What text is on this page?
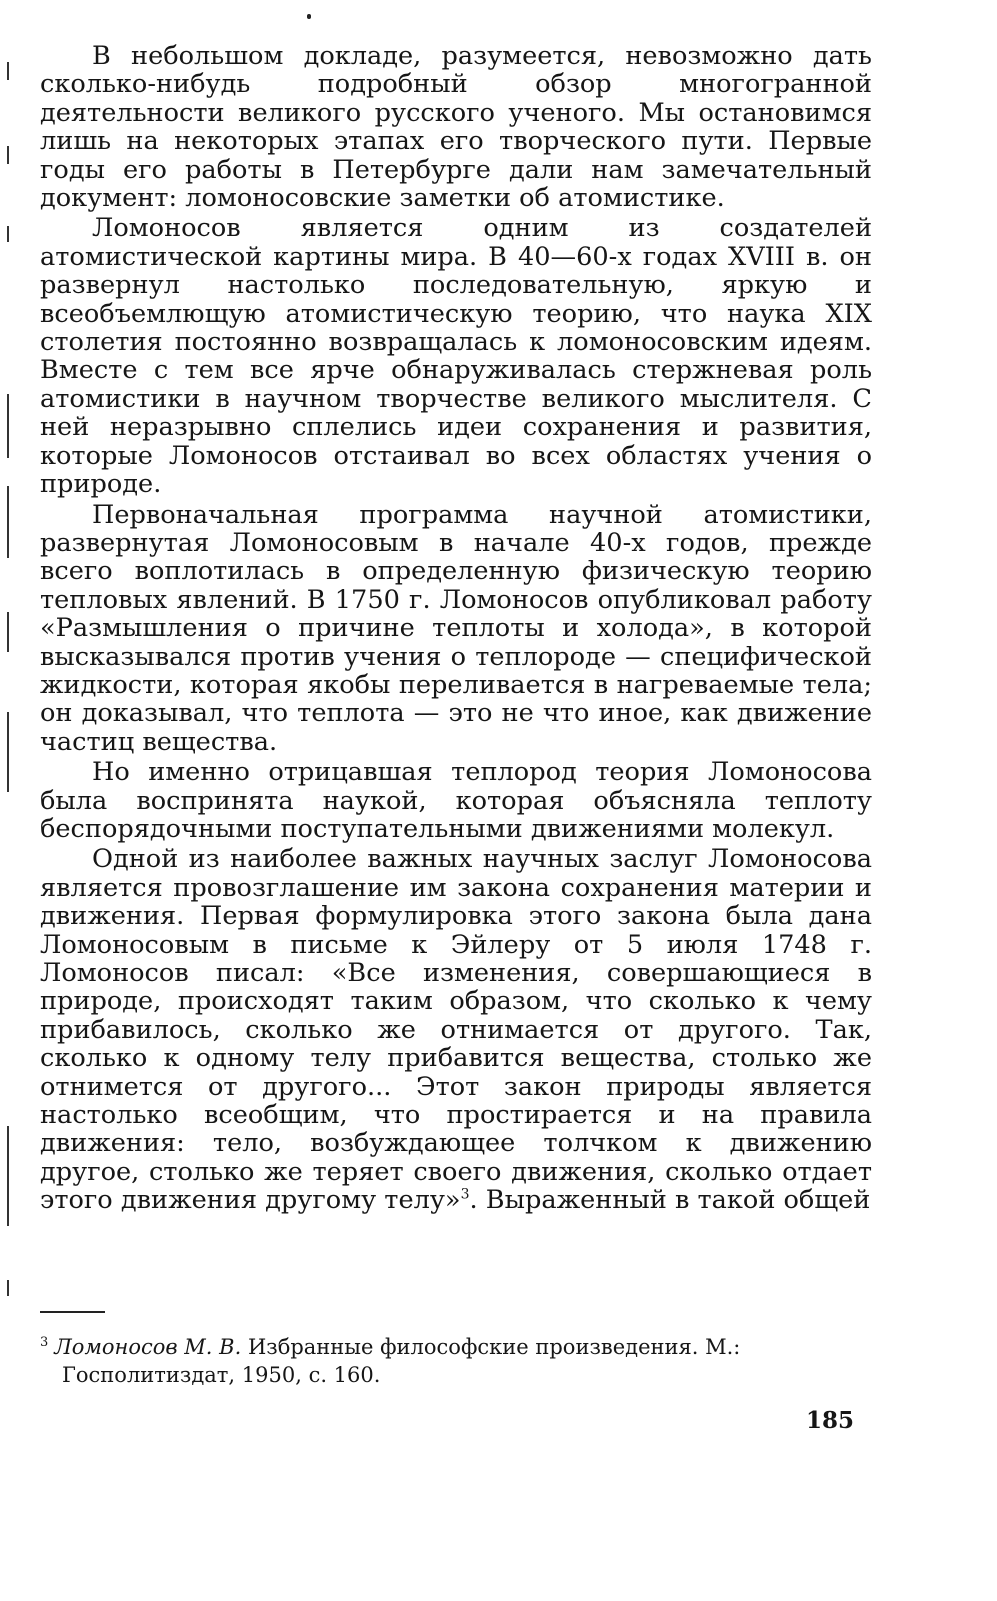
В небольшом докладе, разумеется, невозможно дать сколько-нибудь подробный обзор многогранной деятельности великого русского ученого. Мы остановимся лишь на некоторых этапах его творческого пути. Первые годы его работы в Петербурге дали нам замечательный документ: ломоносовские заметки об атомистике.

Ломоносов является одним из создателей атомистической картины мира. В 40—60-х годах XVIII в. он развернул настолько последовательную, яркую и всеобъемлющую атомистическую теорию, что наука XIX столетия постоянно возвращалась к ломоносовским идеям. Вместе с тем все ярче обнаруживалась стержневая роль атомистики в научном творчестве великого мыслителя. С ней неразрывно сплелись идеи сохранения и развития, которые Ломоносов отстаивал во всех областях учения о природе.

Первоначальная программа научной атомистики, развернутая Ломоносовым в начале 40-х годов, прежде всего воплотилась в определенную физическую теорию тепловых явлений. В 1750 г. Ломоносов опубликовал работу «Размышления о причине теплоты и холода», в которой высказывался против учения о теплороде — специфической жидкости, которая якобы переливается в нагреваемые тела; он доказывал, что теплота — это не что иное, как движение частиц вещества.

Но именно отрицавшая теплород теория Ломоносова была воспринята наукой, которая объясняла теплоту беспорядочными поступательными движениями молекул.

Одной из наиболее важных научных заслуг Ломоносова является провозглашение им закона сохранения материи и движения. Первая формулировка этого закона была дана Ломоносовым в письме к Эйлеру от 5 июля 1748 г. Ломоносов писал: «Все изменения, совершающиеся в природе, происходят таким образом, что сколько к чему прибавилось, сколько же отнимается от другого. Так, сколько к одному телу прибавится вещества, столько же отнимется от другого... Этот закон природы является настолько всеобщим, что простирается и на правила движения: тело, возбуждающее толчком к движению другое, столько же теряет своего движения, сколько отдает этого движения другому телу»$^3$. Выраженный в такой общей

$^3$ Ломоносов М. В. Избранные философские произведения. М.:
Госполитиздат, 1950, с. 160.
185
